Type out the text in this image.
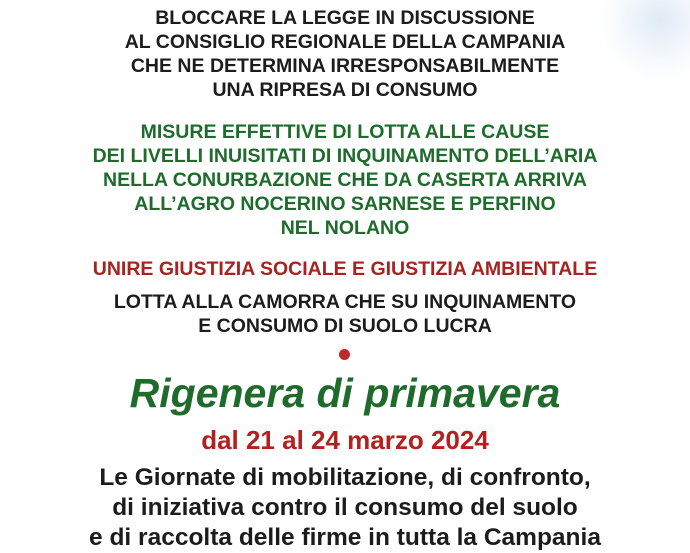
BLOCCARE LA LEGGE IN DISCUSSIONE
AL CONSIGLIO REGIONALE DELLA CAMPANIA
CHE NE DETERMINA IRRESPONSABILMENTE
UNA RIPRESA DI CONSUMO
MISURE EFFETTIVE DI LOTTA ALLE CAUSE
DEI LIVELLI INUISITATI DI INQUINAMENTO DELL’ARIA
NELLA CONURBAZIONE CHE DA CASERTA ARRIVA
ALL’AGRO NOCERINO SARNESE E PERFINO
NEL NOLANO
UNIRE GIUSTIZIA SOCIALE E GIUSTIZIA AMBIENTALE
LOTTA ALLA CAMORRA CHE SU INQUINAMENTO
E CONSUMO DI SUOLO LUCRA
Rigenera di primavera
dal 21 al 24 marzo 2024
Le Giornate di mobilitazione, di confronto,
di iniziativa contro il consumo del suolo
e di raccolta delle firme in tutta la Campania
